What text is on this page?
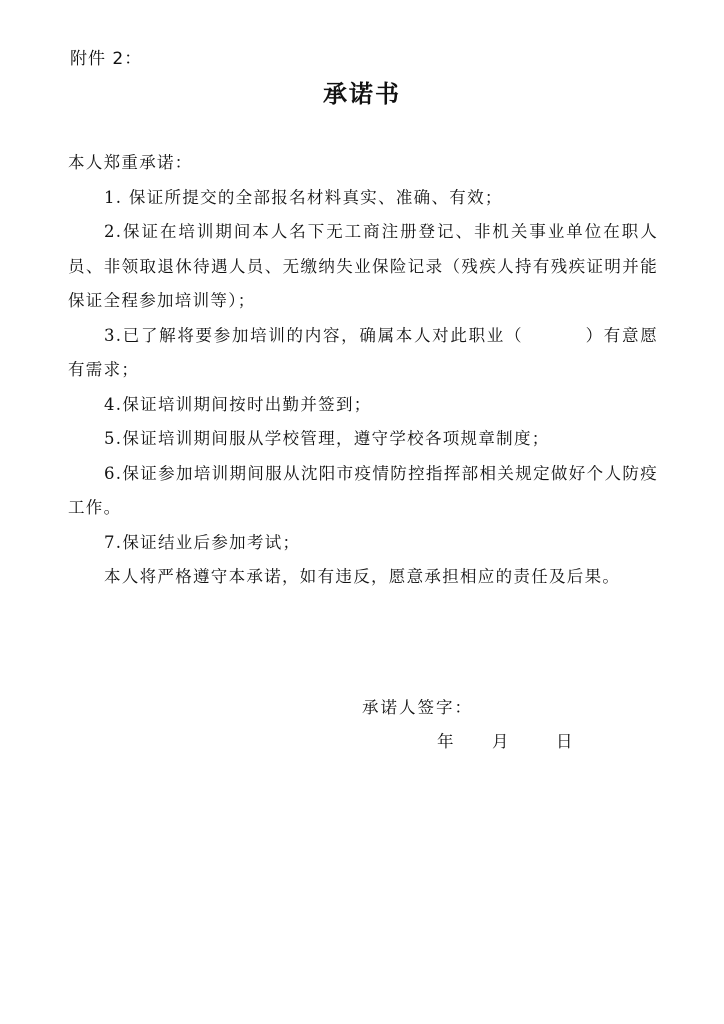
附件 2：
承诺书

本人郑重承诺：

1. 保证所提交的全部报名材料真实、准确、有效；

2.保证在培训期间本人名下无工商注册登记、非机关事业单位在职人员、非领取退休待遇人员、无缴纳失业保险记录（残疾人持有残疾证明并能保证全程参加培训等）；

3.已了解将要参加培训的内容，确属本人对此职业（	）有意愿有需求；

4.保证培训期间按时出勤并签到；

5.保证培训期间服从学校管理，遵守学校各项规章制度；

6.保证参加培训期间服从沈阳市疫情防控指挥部相关规定做好个人防疫工作。

7.保证结业后参加考试；

本人将严格遵守本承诺，如有违反，愿意承担相应的责任及后果。

承诺人签字：
年 月	日
